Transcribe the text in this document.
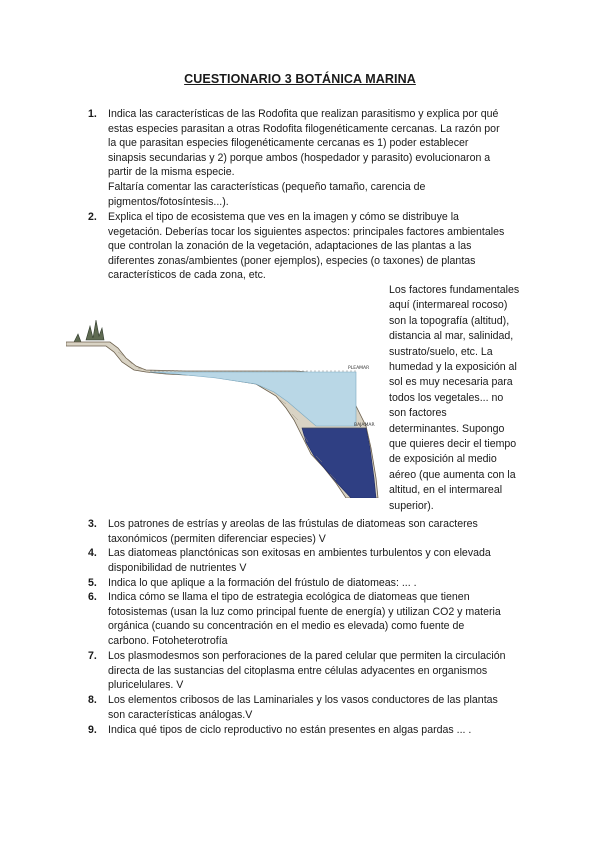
CUESTIONARIO 3 BOTÁNICA MARINA
1.	Indica las características de las Rodofita que realizan parasitismo y explica por qué
estas especies parasitan a otras Rodofita filogenéticamente cercanas. La razón por
la que parasitan especies filogenéticamente cercanas es 1) poder establecer
sinapsis secundarias y 2) porque ambos (hospedador y parasito) evolucionaron a
partir de la misma especie.
Faltaría comentar las características (pequeño tamaño, carencia de
pigmentos/fotosíntesis...).
2.	Explica el tipo de ecosistema que ves en la imagen y cómo se distribuye la
vegetación. Deberías tocar los siguientes aspectos: principales factores ambientales
que controlan la zonación de la vegetación, adaptaciones de las plantas a las
diferentes zonas/ambientes (poner ejemplos), especies (o taxones) de plantas
característicos de cada zona, etc.
PLEAMAR
BAJAMAR
Los factores fundamentales
aquí (intermareal rocoso)
son la topografía (altitud),
distancia al mar, salinidad,
sustrato/suelo, etc. La
humedad y la exposición al
sol es muy necesaria para
todos los vegetales... no
son factores
determinantes. Supongo
que quieres decir el tiempo
de exposición al medio
aéreo (que aumenta con la
altitud, en el intermareal
superior).
3.	Los patrones de estrías y areolas de las frústulas de diatomeas son caracteres
taxonómicos (permiten diferenciar especies) V
4.	Las diatomeas planctónicas son exitosas en ambientes turbulentos y con elevada
disponibilidad de nutrientes V
5.	Indica lo que aplique a la formación del frústulo de diatomeas: ... .
6.	Indica cómo se llama el tipo de estrategia ecológica de diatomeas que tienen
fotosistemas (usan la luz como principal fuente de energía) y utilizan CO2 y materia
orgánica (cuando su concentración en el medio es elevada) como fuente de
carbono. Fotoheterotrofía
7.	Los plasmodesmos son perforaciones de la pared celular que permiten la circulación
directa de las sustancias del citoplasma entre células adyacentes en organismos
pluricelulares. V
8.	Los elementos cribosos de las Laminariales y los vasos conductores de las plantas
son características análogas.V
9.	Indica qué tipos de ciclo reproductivo no están presentes en algas pardas ... .
